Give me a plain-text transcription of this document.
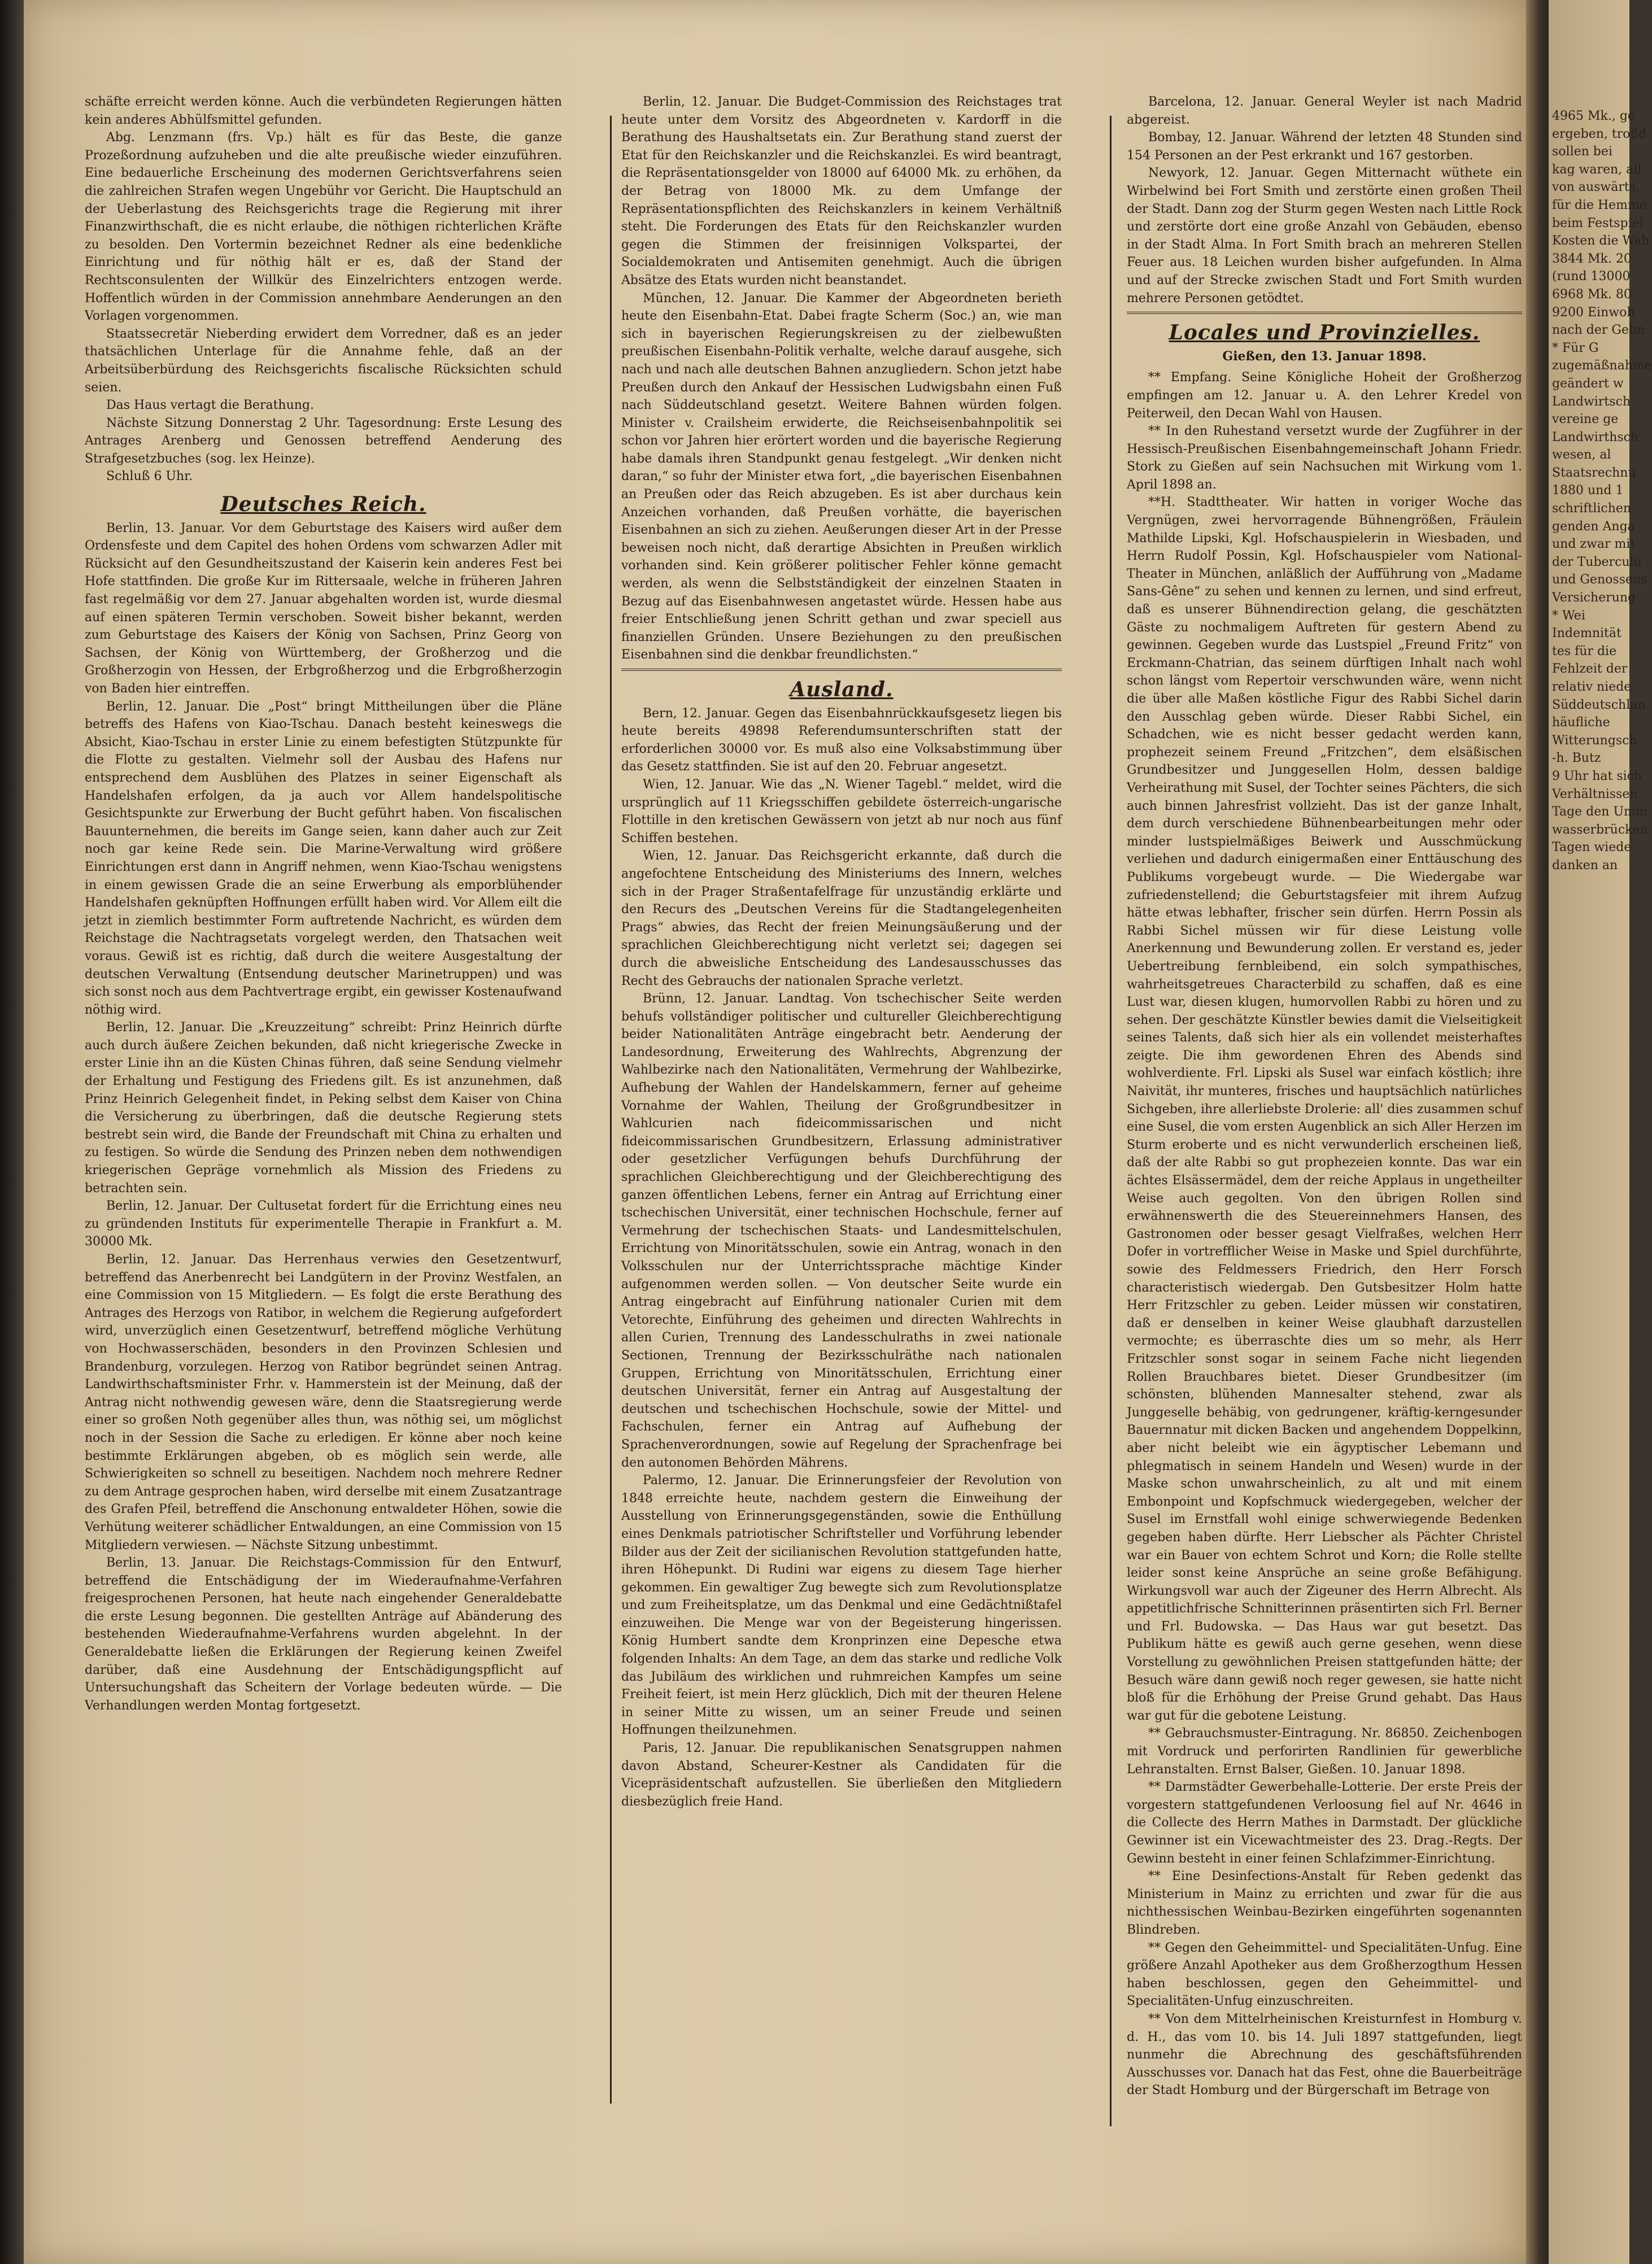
schäfte erreicht werden könne. Auch die verbündeten Regierungen hätten kein anderes Abhülfsmittel gefunden.

Abg. Lenzmann (frs. Vp.) hält es für das Beste, die ganze Prozeßordnung aufzuheben und die alte preußische wieder einzuführen. Eine bedauerliche Erscheinung des modernen Gerichtsverfahrens seien die zahlreichen Strafen wegen Ungebühr vor Gericht. Die Hauptschuld an der Ueberlastung des Reichsgerichts trage die Regierung mit ihrer Finanzwirthschaft, die es nicht erlaube, die nöthigen richterlichen Kräfte zu besolden. Den Vortermin bezeichnet Redner als eine bedenkliche Einrichtung und für nöthig hält er es, daß der Stand der Rechtsconsulenten der Willkür des Einzelrichters entzogen werde. Hoffentlich würden in der Commission annehmbare Aenderungen an den Vorlagen vorgenommen.

Staatssecretär Nieberding erwidert dem Vorredner, daß es an jeder thatsächlichen Unterlage für die Annahme fehle, daß an der Arbeitsüberbürdung des Reichsgerichts fiscalische Rücksichten schuld seien.

Das Haus vertagt die Berathung.

Nächste Sitzung Donnerstag 2 Uhr. Tagesordnung: Erste Lesung des Antrages Arenberg und Genossen betreffend Aenderung des Strafgesetzbuches (sog. lex Heinze).

Schluß 6 Uhr.

Deutsches Reich.

Berlin, 13. Januar. Vor dem Geburtstage des Kaisers wird außer dem Ordensfeste und dem Capitel des hohen Ordens vom schwarzen Adler mit Rücksicht auf den Gesundheitszustand der Kaiserin kein anderes Fest bei Hofe stattfinden. Die große Kur im Rittersaale, welche in früheren Jahren fast regelmäßig vor dem 27. Januar abgehalten worden ist, wurde diesmal auf einen späteren Termin verschoben. Soweit bisher bekannt, werden zum Geburtstage des Kaisers der König von Sachsen, Prinz Georg von Sachsen, der König von Württemberg, der Großherzog und die Großherzogin von Hessen, der Erbgroßherzog und die Erbgroßherzogin von Baden hier eintreffen.

Berlin, 12. Januar. Die „Post“ bringt Mittheilungen über die Pläne betreffs des Hafens von Kiao-Tschau. Danach besteht keineswegs die Absicht, Kiao-Tschau in erster Linie zu einem befestigten Stützpunkte für die Flotte zu gestalten. Vielmehr soll der Ausbau des Hafens nur entsprechend dem Ausblühen des Platzes in seiner Eigenschaft als Handelshafen erfolgen, da ja auch vor Allem handelspolitische Gesichtspunkte zur Erwerbung der Bucht geführt haben. Von fiscalischen Bauunternehmen, die bereits im Gange seien, kann daher auch zur Zeit noch gar keine Rede sein. Die Marine-Verwaltung wird größere Einrichtungen erst dann in Angriff nehmen, wenn Kiao-Tschau wenigstens in einem gewissen Grade die an seine Erwerbung als emporblühender Handelshafen geknüpften Hoffnungen erfüllt haben wird. Vor Allem eilt die jetzt in ziemlich bestimmter Form auftretende Nachricht, es würden dem Reichstage die Nachtragsetats vorgelegt werden, den Thatsachen weit voraus. Gewiß ist es richtig, daß durch die weitere Ausgestaltung der deutschen Verwaltung (Entsendung deutscher Marinetruppen) und was sich sonst noch aus dem Pachtvertrage ergibt, ein gewisser Kostenaufwand nöthig wird.

Berlin, 12. Januar. Die „Kreuzzeitung“ schreibt: Prinz Heinrich dürfte auch durch äußere Zeichen bekunden, daß nicht kriegerische Zwecke in erster Linie ihn an die Küsten Chinas führen, daß seine Sendung vielmehr der Erhaltung und Festigung des Friedens gilt. Es ist anzunehmen, daß Prinz Heinrich Gelegenheit findet, in Peking selbst dem Kaiser von China die Versicherung zu überbringen, daß die deutsche Regierung stets bestrebt sein wird, die Bande der Freundschaft mit China zu erhalten und zu festigen. So würde die Sendung des Prinzen neben dem nothwendigen kriegerischen Gepräge vornehmlich als Mission des Friedens zu betrachten sein.

Berlin, 12. Januar. Der Cultusetat fordert für die Errichtung eines neu zu gründenden Instituts für experimentelle Therapie in Frankfurt a. M. 30000 Mk.

Berlin, 12. Januar. Das Herrenhaus verwies den Gesetzentwurf, betreffend das Anerbenrecht bei Landgütern in der Provinz Westfalen, an eine Commission von 15 Mitgliedern. — Es folgt die erste Berathung des Antrages des Herzogs von Ratibor, in welchem die Regierung aufgefordert wird, unverzüglich einen Gesetzentwurf, betreffend mögliche Verhütung von Hochwasserschäden, besonders in den Provinzen Schlesien und Brandenburg, vorzulegen. Herzog von Ratibor begründet seinen Antrag. Landwirthschaftsminister Frhr. v. Hammerstein ist der Meinung, daß der Antrag nicht nothwendig gewesen wäre, denn die Staatsregierung werde einer so großen Noth gegenüber alles thun, was nöthig sei, um möglichst noch in der Session die Sache zu erledigen. Er könne aber noch keine bestimmte Erklärungen abgeben, ob es möglich sein werde, alle Schwierigkeiten so schnell zu beseitigen. Nachdem noch mehrere Redner zu dem Antrage gesprochen haben, wird derselbe mit einem Zusatzantrage des Grafen Pfeil, betreffend die Anschonung entwaldeter Höhen, sowie die Verhütung weiterer schädlicher Entwaldungen, an eine Commission von 15 Mitgliedern verwiesen. — Nächste Sitzung unbestimmt.

Berlin, 13. Januar. Die Reichstags-Commission für den Entwurf, betreffend die Entschädigung der im Wiederaufnahme-Verfahren freigesprochenen Personen, hat heute nach eingehender Generaldebatte die erste Lesung begonnen. Die gestellten Anträge auf Abänderung des bestehenden Wiederaufnahme-Verfahrens wurden abgelehnt. In der Generaldebatte ließen die Erklärungen der Regierung keinen Zweifel darüber, daß eine Ausdehnung der Entschädigungspflicht auf Untersuchungshaft das Scheitern der Vorlage bedeuten würde. — Die Verhandlungen werden Montag fortgesetzt.

Berlin, 12. Januar. Die Budget-Commission des Reichstages trat heute unter dem Vorsitz des Abgeordneten v. Kardorff in die Berathung des Haushaltsetats ein. Zur Berathung stand zuerst der Etat für den Reichskanzler und die Reichskanzlei. Es wird beantragt, die Repräsentationsgelder von 18000 auf 64000 Mk. zu erhöhen, da der Betrag von 18000 Mk. zu dem Umfange der Repräsentationspflichten des Reichskanzlers in keinem Verhältniß steht. Die Forderungen des Etats für den Reichskanzler wurden gegen die Stimmen der freisinnigen Volkspartei, der Socialdemokraten und Antisemiten genehmigt. Auch die übrigen Absätze des Etats wurden nicht beanstandet.

München, 12. Januar. Die Kammer der Abgeordneten berieth heute den Eisenbahn-Etat. Dabei fragte Scherm (Soc.) an, wie man sich in bayerischen Regierungskreisen zu der zielbewußten preußischen Eisenbahn-Politik verhalte, welche darauf ausgehe, sich nach und nach alle deutschen Bahnen anzugliedern. Schon jetzt habe Preußen durch den Ankauf der Hessischen Ludwigsbahn einen Fuß nach Süddeutschland gesetzt. Weitere Bahnen würden folgen. Minister v. Crailsheim erwiderte, die Reichseisenbahnpolitik sei schon vor Jahren hier erörtert worden und die bayerische Regierung habe damals ihren Standpunkt genau festgelegt. „Wir denken nicht daran,“ so fuhr der Minister etwa fort, „die bayerischen Eisenbahnen an Preußen oder das Reich abzugeben. Es ist aber durchaus kein Anzeichen vorhanden, daß Preußen vorhätte, die bayerischen Eisenbahnen an sich zu ziehen. Aeußerungen dieser Art in der Presse beweisen noch nicht, daß derartige Absichten in Preußen wirklich vorhanden sind. Kein größerer politischer Fehler könne gemacht werden, als wenn die Selbstständigkeit der einzelnen Staaten in Bezug auf das Eisenbahnwesen angetastet würde. Hessen habe aus freier Entschließung jenen Schritt gethan und zwar speciell aus finanziellen Gründen. Unsere Beziehungen zu den preußischen Eisenbahnen sind die denkbar freundlichsten.“

Ausland.

Bern, 12. Januar. Gegen das Eisenbahnrückkaufsgesetz liegen bis heute bereits 49898 Referendumsunterschriften statt der erforderlichen 30000 vor. Es muß also eine Volksabstimmung über das Gesetz stattfinden. Sie ist auf den 20. Februar angesetzt.

Wien, 12. Januar. Wie das „N. Wiener Tagebl.“ meldet, wird die ursprünglich auf 11 Kriegsschiffen gebildete österreich-ungarische Flottille in den kretischen Gewässern von jetzt ab nur noch aus fünf Schiffen bestehen.

Wien, 12. Januar. Das Reichsgericht erkannte, daß durch die angefochtene Entscheidung des Ministeriums des Innern, welches sich in der Prager Straßentafelfrage für unzuständig erklärte und den Recurs des „Deutschen Vereins für die Stadtangelegenheiten Prags“ abwies, das Recht der freien Meinungsäußerung und der sprachlichen Gleichberechtigung nicht verletzt sei; dagegen sei durch die abweisliche Entscheidung des Landesausschusses das Recht des Gebrauchs der nationalen Sprache verletzt.

Brünn, 12. Januar. Landtag. Von tschechischer Seite werden behufs vollständiger politischer und cultureller Gleichberechtigung beider Nationalitäten Anträge eingebracht betr. Aenderung der Landesordnung, Erweiterung des Wahlrechts, Abgrenzung der Wahlbezirke nach den Nationalitäten, Vermehrung der Wahlbezirke, Aufhebung der Wahlen der Handelskammern, ferner auf geheime Vornahme der Wahlen, Theilung der Großgrundbesitzer in Wahlcurien nach fideicommissarischen und nicht fideicommissarischen Grundbesitzern, Erlassung administrativer oder gesetzlicher Verfügungen behufs Durchführung der sprachlichen Gleichberechtigung und der Gleichberechtigung des ganzen öffentlichen Lebens, ferner ein Antrag auf Errichtung einer tschechischen Universität, einer technischen Hochschule, ferner auf Vermehrung der tschechischen Staats- und Landesmittelschulen, Errichtung von Minoritätsschulen, sowie ein Antrag, wonach in den Volksschulen nur der Unterrichtssprache mächtige Kinder aufgenommen werden sollen. — Von deutscher Seite wurde ein Antrag eingebracht auf Einführung nationaler Curien mit dem Vetorechte, Einführung des geheimen und directen Wahlrechts in allen Curien, Trennung des Landesschulraths in zwei nationale Sectionen, Trennung der Bezirksschulräthe nach nationalen Gruppen, Errichtung von Minoritätsschulen, Errichtung einer deutschen Universität, ferner ein Antrag auf Ausgestaltung der deutschen und tschechischen Hochschule, sowie der Mittel- und Fachschulen, ferner ein Antrag auf Aufhebung der Sprachenverordnungen, sowie auf Regelung der Sprachenfrage bei den autonomen Behörden Mährens.

Palermo, 12. Januar. Die Erinnerungsfeier der Revolution von 1848 erreichte heute, nachdem gestern die Einweihung der Ausstellung von Erinnerungsgegenständen, sowie die Enthüllung eines Denkmals patriotischer Schriftsteller und Vorführung lebender Bilder aus der Zeit der sicilianischen Revolution stattgefunden hatte, ihren Höhepunkt. Di Rudini war eigens zu diesem Tage hierher gekommen. Ein gewaltiger Zug bewegte sich zum Revolutionsplatze und zum Freiheitsplatze, um das Denkmal und eine Gedächtnißtafel einzuweihen. Die Menge war von der Begeisterung hingerissen. König Humbert sandte dem Kronprinzen eine Depesche etwa folgenden Inhalts: An dem Tage, an dem das starke und redliche Volk das Jubiläum des wirklichen und ruhmreichen Kampfes um seine Freiheit feiert, ist mein Herz glücklich, Dich mit der theuren Helene in seiner Mitte zu wissen, um an seiner Freude und seinen Hoffnungen theilzunehmen.

Paris, 12. Januar. Die republikanischen Senatsgruppen nahmen davon Abstand, Scheurer-Kestner als Candidaten für die Vicepräsidentschaft aufzustellen. Sie überließen den Mitgliedern diesbezüglich freie Hand.

Barcelona, 12. Januar. General Weyler ist nach Madrid abgereist.

Bombay, 12. Januar. Während der letzten 48 Stunden sind 154 Personen an der Pest erkrankt und 167 gestorben.

Newyork, 12. Januar. Gegen Mitternacht wüthete ein Wirbelwind bei Fort Smith und zerstörte einen großen Theil der Stadt. Dann zog der Sturm gegen Westen nach Little Rock und zerstörte dort eine große Anzahl von Gebäuden, ebenso in der Stadt Alma. In Fort Smith brach an mehreren Stellen Feuer aus. 18 Leichen wurden bisher aufgefunden. In Alma und auf der Strecke zwischen Stadt und Fort Smith wurden mehrere Personen getödtet.

Locales und Provinzielles.

Gießen, den 13. Januar 1898.

** Empfang. Seine Königliche Hoheit der Großherzog empfingen am 12. Januar u. A. den Lehrer Kredel von Peiterweil, den Decan Wahl von Hausen.

** In den Ruhestand versetzt wurde der Zugführer in der Hessisch-Preußischen Eisenbahngemeinschaft Johann Friedr. Stork zu Gießen auf sein Nachsuchen mit Wirkung vom 1. April 1898 an.

**H. Stadttheater. Wir hatten in voriger Woche das Vergnügen, zwei hervorragende Bühnengrößen, Fräulein Mathilde Lipski, Kgl. Hofschauspielerin in Wiesbaden, und Herrn Rudolf Possin, Kgl. Hofschauspieler vom National-Theater in München, anläßlich der Aufführung von „Madame Sans-Gêne“ zu sehen und kennen zu lernen, und sind erfreut, daß es unserer Bühnendirection gelang, die geschätzten Gäste zu nochmaligem Auftreten für gestern Abend zu gewinnen. Gegeben wurde das Lustspiel „Freund Fritz“ von Erckmann-Chatrian, das seinem dürftigen Inhalt nach wohl schon längst vom Repertoir verschwunden wäre, wenn nicht die über alle Maßen köstliche Figur des Rabbi Sichel darin den Ausschlag geben würde. Dieser Rabbi Sichel, ein Schadchen, wie es nicht besser gedacht werden kann, prophezeit seinem Freund „Fritzchen“, dem elsäßischen Grundbesitzer und Junggesellen Holm, dessen baldige Verheirathung mit Susel, der Tochter seines Pächters, die sich auch binnen Jahresfrist vollzieht. Das ist der ganze Inhalt, dem durch verschiedene Bühnenbearbeitungen mehr oder minder lustspielmäßiges Beiwerk und Ausschmückung verliehen und dadurch einigermaßen einer Enttäuschung des Publikums vorgebeugt wurde. — Die Wiedergabe war zufriedenstellend; die Geburtstagsfeier mit ihrem Aufzug hätte etwas lebhafter, frischer sein dürfen. Herrn Possin als Rabbi Sichel müssen wir für diese Leistung volle Anerkennung und Bewunderung zollen. Er verstand es, jeder Uebertreibung fernbleibend, ein solch sympathisches, wahrheitsgetreues Characterbild zu schaffen, daß es eine Lust war, diesen klugen, humorvollen Rabbi zu hören und zu sehen. Der geschätzte Künstler bewies damit die Vielseitigkeit seines Talents, daß sich hier als ein vollendet meisterhaftes zeigte. Die ihm gewordenen Ehren des Abends sind wohlverdiente. Frl. Lipski als Susel war einfach köstlich; ihre Naivität, ihr munteres, frisches und hauptsächlich natürliches Sichgeben, ihre allerliebste Drolerie: all' dies zusammen schuf eine Susel, die vom ersten Augenblick an sich Aller Herzen im Sturm eroberte und es nicht verwunderlich erscheinen ließ, daß der alte Rabbi so gut prophezeien konnte. Das war ein ächtes Elsässermädel, dem der reiche Applaus in ungetheilter Weise auch gegolten. Von den übrigen Rollen sind erwähnenswerth die des Steuereinnehmers Hansen, des Gastronomen oder besser gesagt Vielfraßes, welchen Herr Dofer in vortrefflicher Weise in Maske und Spiel durchführte, sowie des Feldmessers Friedrich, den Herr Forsch characteristisch wiedergab. Den Gutsbesitzer Holm hatte Herr Fritzschler zu geben. Leider müssen wir constatiren, daß er denselben in keiner Weise glaubhaft darzustellen vermochte; es überraschte dies um so mehr, als Herr Fritzschler sonst sogar in seinem Fache nicht liegenden Rollen Brauchbares bietet. Dieser Grundbesitzer (im schönsten, blühenden Mannesalter stehend, zwar als Junggeselle behäbig, von gedrungener, kräftig-kerngesunder Bauernnatur mit dicken Backen und angehendem Doppelkinn, aber nicht beleibt wie ein ägyptischer Lebemann und phlegmatisch in seinem Handeln und Wesen) wurde in der Maske schon unwahrscheinlich, zu alt und mit einem Embonpoint und Kopfschmuck wiedergegeben, welcher der Susel im Ernstfall wohl einige schwerwiegende Bedenken gegeben haben dürfte. Herr Liebscher als Pächter Christel war ein Bauer von echtem Schrot und Korn; die Rolle stellte leider sonst keine Ansprüche an seine große Befähigung. Wirkungsvoll war auch der Zigeuner des Herrn Albrecht. Als appetitlichfrische Schnitterinnen präsentirten sich Frl. Berner und Frl. Budowska. — Das Haus war gut besetzt. Das Publikum hätte es gewiß auch gerne gesehen, wenn diese Vorstellung zu gewöhnlichen Preisen stattgefunden hätte; der Besuch wäre dann gewiß noch reger gewesen, sie hatte nicht bloß für die Erhöhung der Preise Grund gehabt. Das Haus war gut für die gebotene Leistung.

** Gebrauchsmuster-Eintragung. Nr. 86850. Zeichenbogen mit Vordruck und perforirten Randlinien für gewerbliche Lehranstalten. Ernst Balser, Gießen. 10. Januar 1898.

** Darmstädter Gewerbehalle-Lotterie. Der erste Preis der vorgestern stattgefundenen Verloosung fiel auf Nr. 4646 in die Collecte des Herrn Mathes in Darmstadt. Der glückliche Gewinner ist ein Vicewachtmeister des 23. Drag.-Regts. Der Gewinn besteht in einer feinen Schlafzimmer-Einrichtung.

** Eine Desinfections-Anstalt für Reben gedenkt das Ministerium in Mainz zu errichten und zwar für die aus nichthessischen Weinbau-Bezirken eingeführten sogenannten Blindreben.

** Gegen den Geheimmittel- und Specialitäten-Unfug. Eine größere Anzahl Apotheker aus dem Großherzogthum Hessen haben beschlossen, gegen den Geheimmittel- und Specialitäten-Unfug einzuschreiten.

** Von dem Mittelrheinischen Kreisturnfest in Homburg v. d. H., das vom 10. bis 14. Juli 1897 stattgefunden, liegt nunmehr die Abrechnung des geschäftsführenden Ausschusses vor. Danach hat das Fest, ohne die Bauerbeiträge der Stadt Homburg und der Bürgerschaft im Betrage von

4965 Mk., ge
ergeben, troßd
sollen bei
kag waren, all
von auswärts,
für die Hemme
beim Festspiel
Kosten die Wah
3844 Mk. 20
(rund 13000
6968 Mk. 80
9200 Einwoh
nach der Gebn
* Für G
zugemäßnahme
geändert w
Landwirtsch
vereine ge
Landwirthsch
wesen, al
Staatsrechnu
1880 und 1
schriftlichen
genden Anga
und zwar mit
der Tuberculo
und Genossens
Versicherung
* Wei
Indemnität
tes für die
Fehlzeit der
relativ niede
Süddeutschlan
häufliche
Witterungsch
-h. Butz
9 Uhr hat sich
Verhältnissen
Tage den Umm
wasserbrücken
Tagen wiede
danken an
